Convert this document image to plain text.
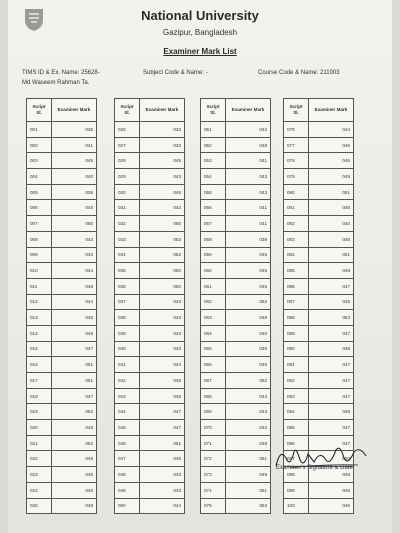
National University
Gazipur, Bangladesh
Examiner Mark List
TIMS ID & Ex. Name: 25628-
Md Waseem Rahman Ta.
Subject Code & Name: -	Course Code & Name: 211003
Script Sl.	Examiner Mark
001	035
002	041
003	045
004	040
005	036
006	045
007	050
008	043
009	043
010	044
011	048
012	044
013	045
014	049
015	047
016	051
017	051
018	047
019	052
020	048
021	052
022	049
023	045
024	046
025	048
Script Sl.	Examiner Mark
026	032
027	033
028	045
029	043
030	046
031	042
032	050
033	053
034	052
035	050
036	050
037	043
038	043
039	043
040	043
041	044
042	045
043	045
044	047
045	047
046	051
047	045
048	043
049	043
050	044
Script Sl.	Examiner Mark
051	042
052	048
053	041
054	043
055	043
056	041
057	041
058	039
059	045
060	045
061	045
062	052
063	048
064	040
065	039
066	045
067	052
068	044
069	043
070	042
071	048
072	051
073	049
074	051
075	053
Script Sl.	Examiner Mark
076	044
077	046
078	046
079	049
080	051
081	046
082	040
083	046
084	051
085	048
086	047
087	045
088	053
089	047
090	048
091	047
092	047
093	047
094	049
095	047
096	047
097	050
098	048
099	046
100	046
Examiner's Signature & Date
